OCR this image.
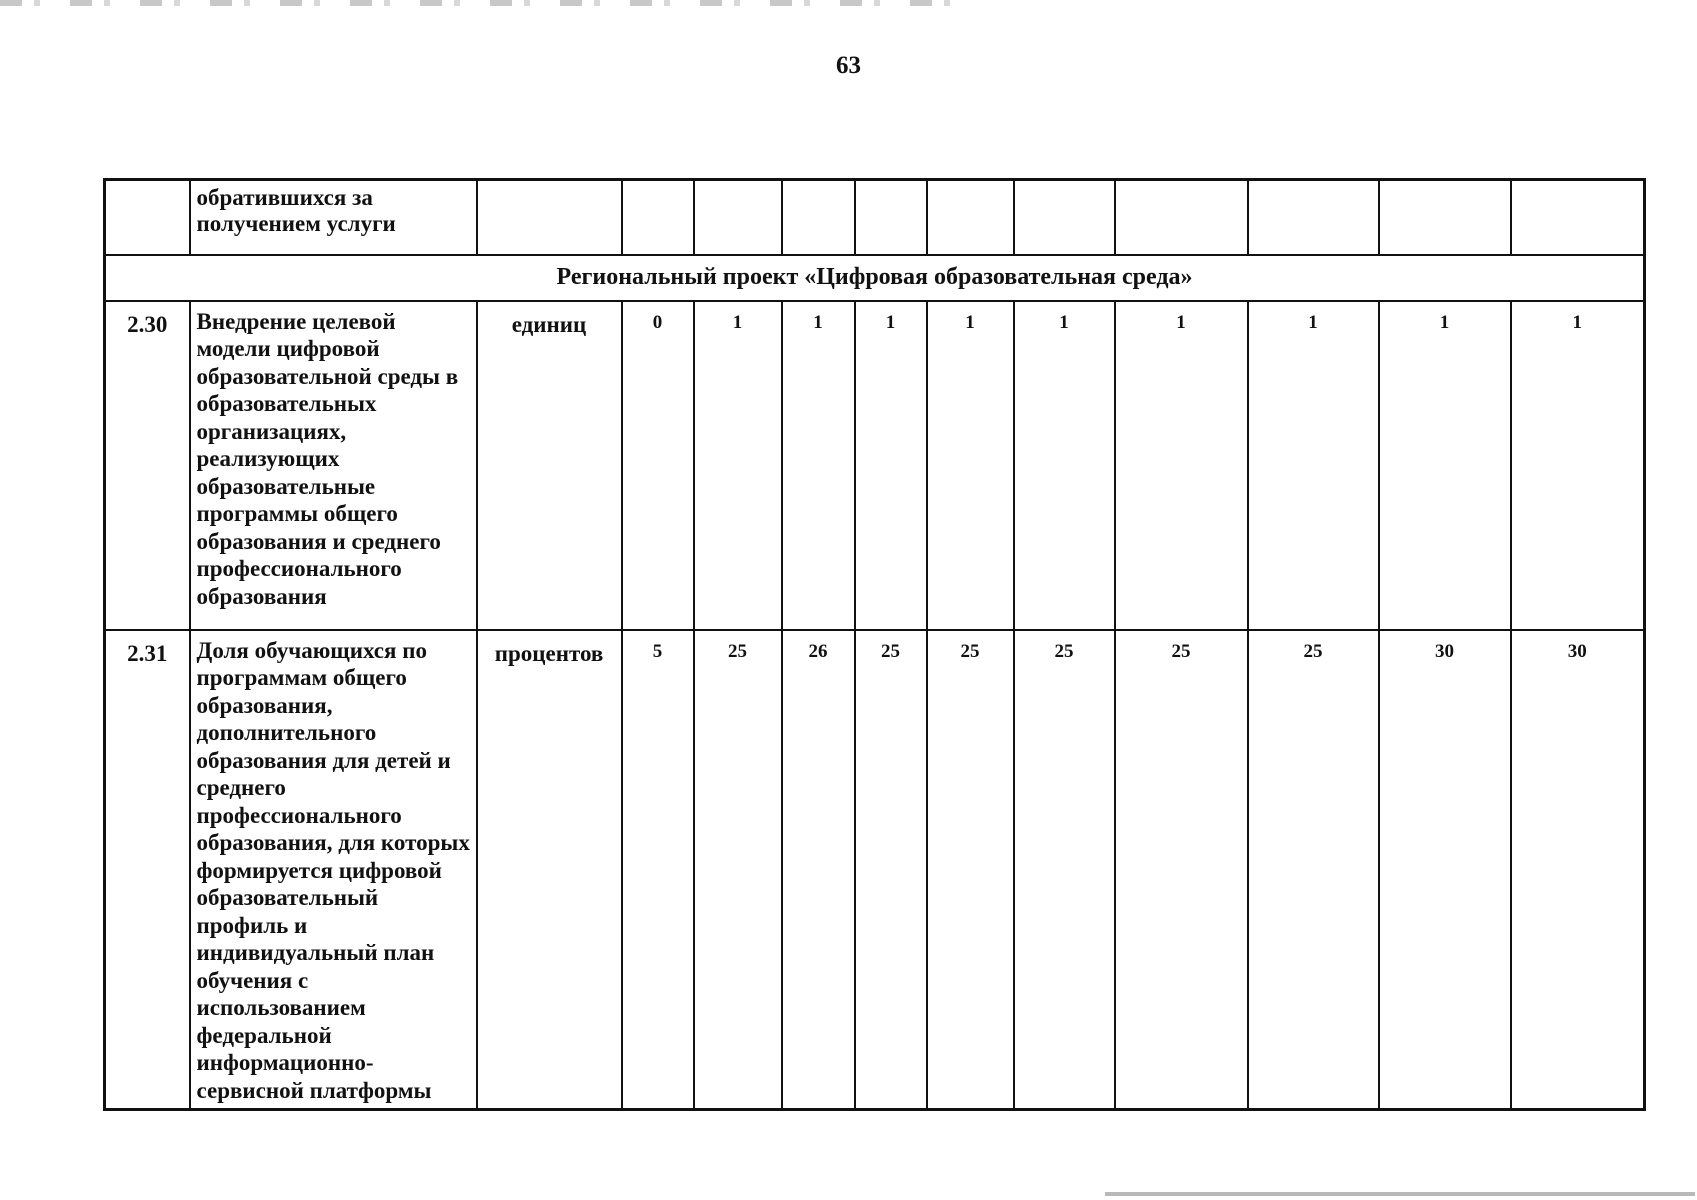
63

	обратившихся за
получением услуги											

Региональный проект «Цифровая образовательная среда»												
2.30	Внедрение целевой модели цифровой образовательной среды в образовательных организациях, реализующих образовательные программы общего образования и среднего профессионального образования	единиц	0	1	1	1	1	1	1	1	1	1
2.31	Доля обучающихся по программам общего образования, дополнительного образования для детей и среднего профессионального образования, для которых формируется цифровой образовательный профиль и индивидуальный план обучения с использованием федеральной информационно-сервисной платформы	процентов	5	25	26	25	25	25	25	25	30	30
